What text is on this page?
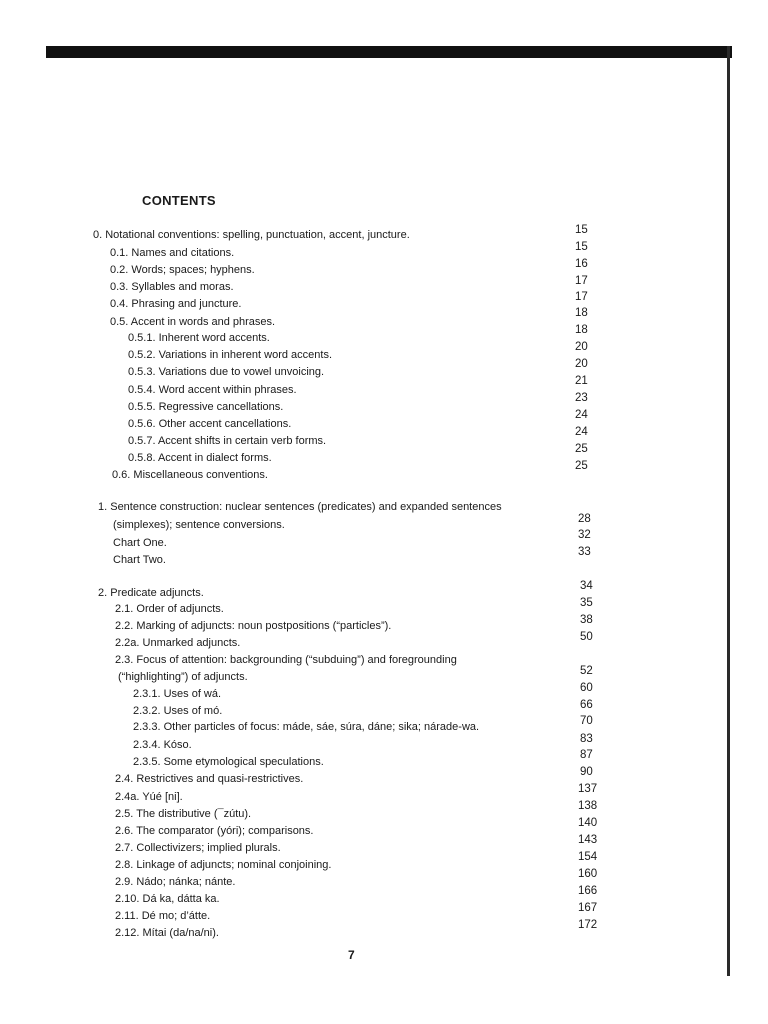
CONTENTS
0. Notational conventions: spelling, punctuation, accent, juncture.
0.1. Names and citations.
0.2. Words; spaces; hyphens.
0.3. Syllables and moras.
0.4. Phrasing and juncture.
0.5. Accent in words and phrases.
0.5.1. Inherent word accents.
0.5.2. Variations in inherent word accents.
0.5.3. Variations due to vowel unvoicing.
0.5.4. Word accent within phrases.
0.5.5. Regressive cancellations.
0.5.6. Other accent cancellations.
0.5.7. Accent shifts in certain verb forms.
0.5.8. Accent in dialect forms.
0.6. Miscellaneous conventions.
1. Sentence construction: nuclear sentences (predicates) and expanded sentences
(simplexes); sentence conversions.
Chart One.
Chart Two.
2. Predicate adjuncts.
2.1. Order of adjuncts.
2.2. Marking of adjuncts: noun postpositions (“particles”).
2.2a. Unmarked adjuncts.
2.3. Focus of attention: backgrounding (“subduing”) and foregrounding
(“highlighting”) of adjuncts.
2.3.1. Uses of wá.
2.3.2. Uses of mó.
2.3.3. Other particles of focus: máde, sáe, súra, dáne; sika; nárade-wa.
2.3.4. Kóso.
2.3.5. Some etymological speculations.
2.4. Restrictives and quasi-restrictives.
2.4a. Yúé [ni].
2.5. The distributive (¯zútu).
2.6. The comparator (yóri); comparisons.
2.7. Collectivizers; implied plurals.
2.8. Linkage of adjuncts; nominal conjoining.
2.9. Nádo; nánka; nánte.
2.10. Dá ka, dátta ka.
2.11. Dé mo; d’átte.
2.12. Mítai (da/na/ni).
15
15
16
17
17
18
18
20
20
21
23
24
24
25
25
28
32
33
34
35
38
50
52
60
66
70
83
87
90
137
138
140
143
154
160
166
167
172
7
